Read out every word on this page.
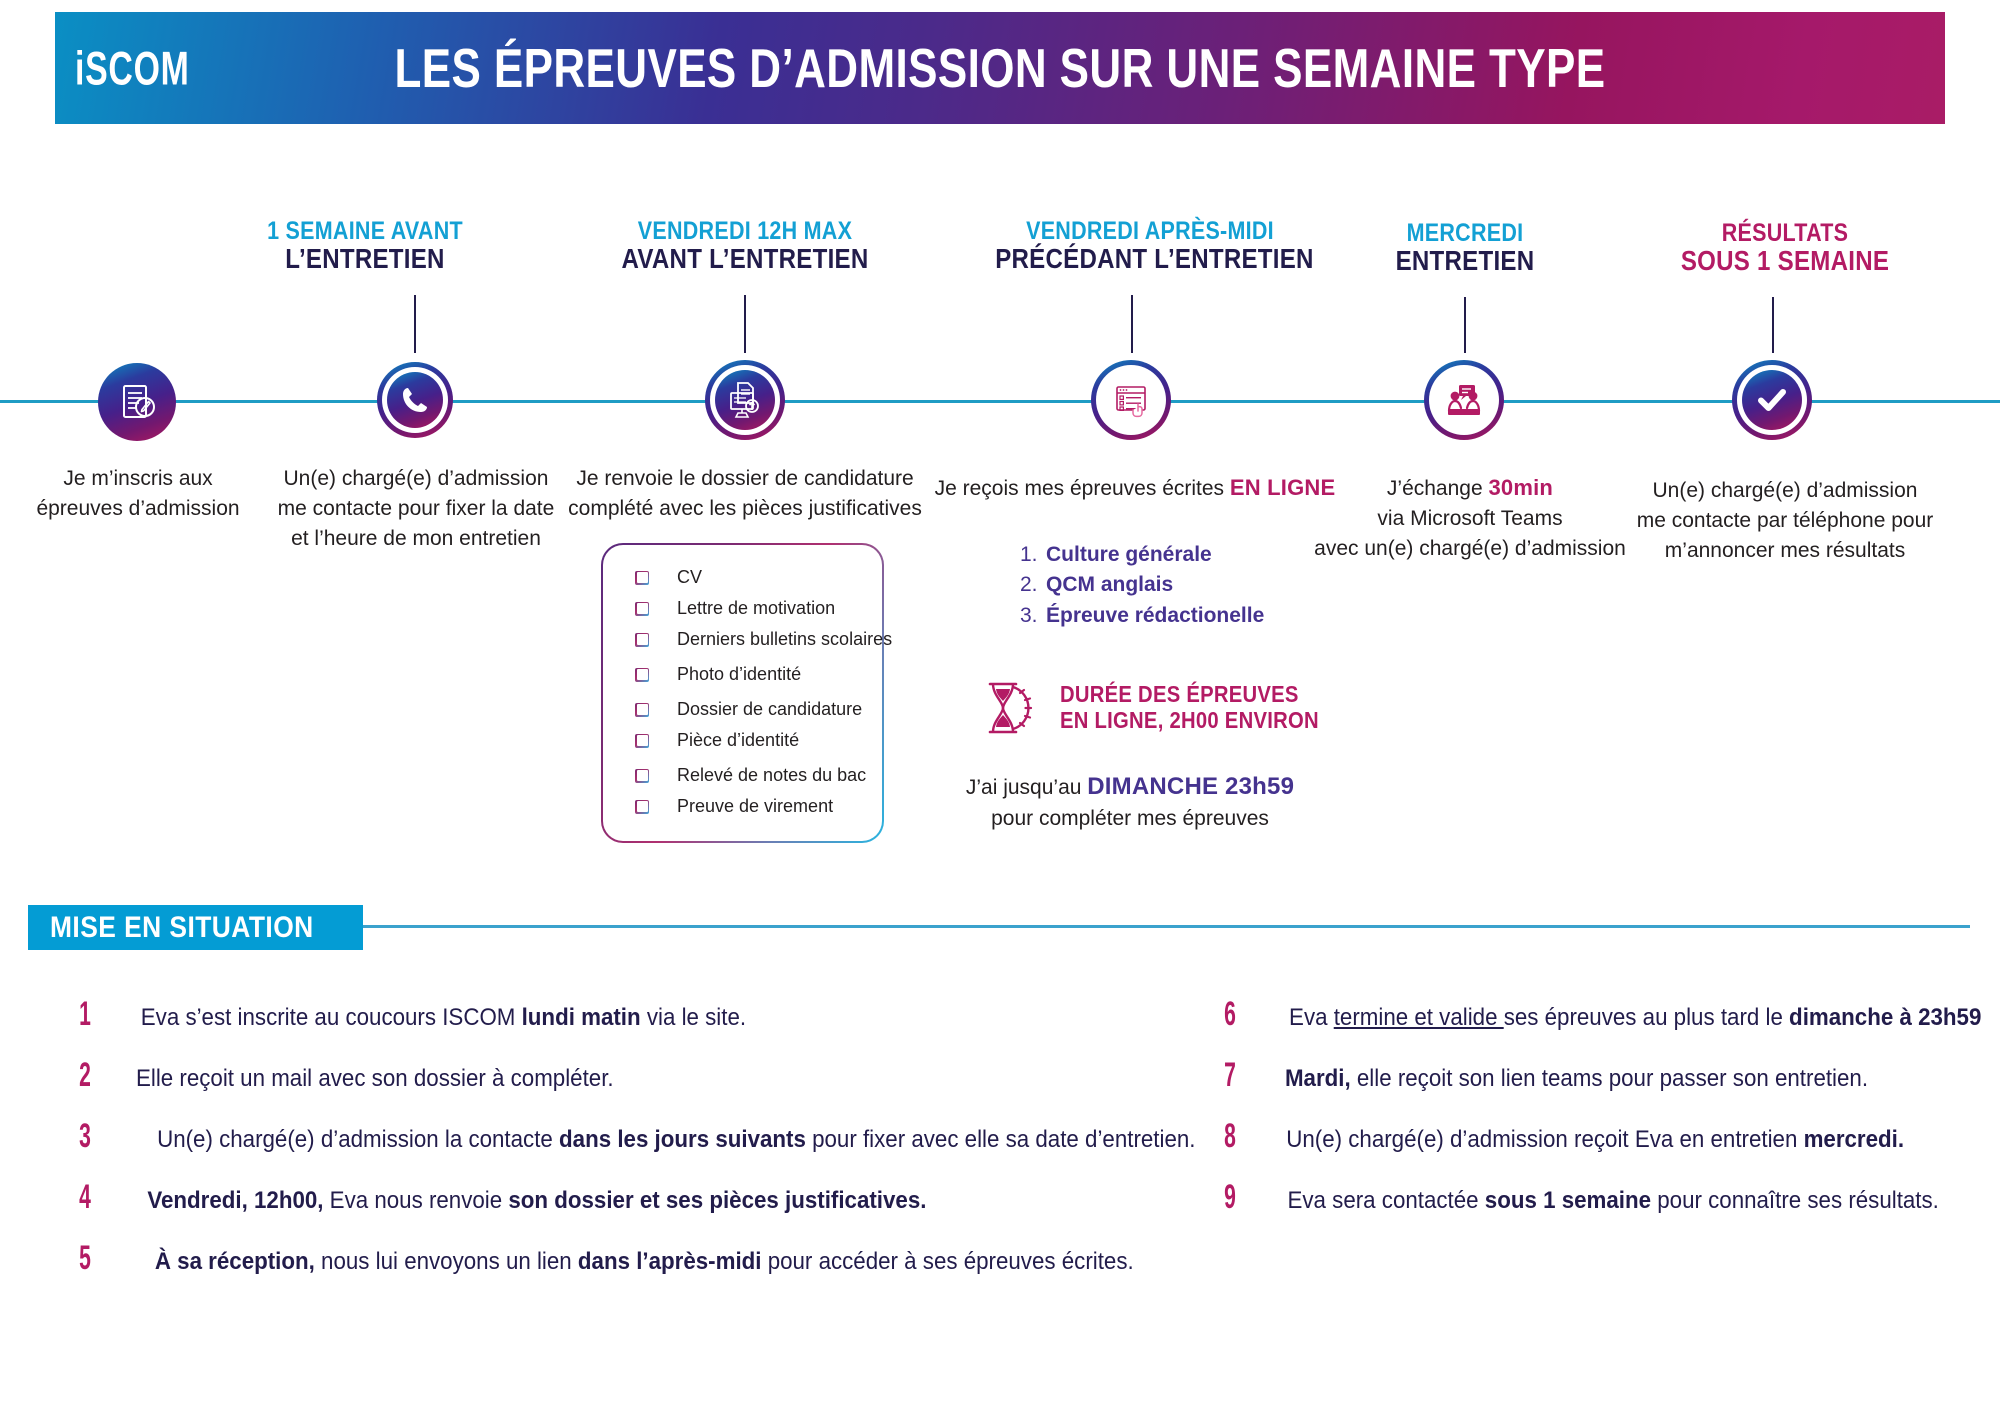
iSCOM	LES ÉPREUVES D’ADMISSION SUR UNE SEMAINE TYPE
Je m’inscris aux
épreuves d’admission
1 SEMAINE AVANT
L’ENTRETIEN
Un(e) chargé(e) d’admission
me contacte pour fixer la date
et l’heure de mon entretien
VENDREDI 12H MAX
AVANT L’ENTRETIEN
Je renvoie le dossier de candidature
complété avec les pièces justificatives
CV
Lettre de motivation
Derniers bulletins scolaires
Photo d’identité
Dossier de candidature
Pièce d’identité
Relevé de notes du bac
Preuve de virement
VENDREDI APRÈS-MIDI
PRÉCÉDANT L’ENTRETIEN
Je reçois mes épreuves écrites EN LIGNE
1. Culture générale
2. QCM anglais
3. Épreuve rédactionelle
DURÉE DES ÉPREUVES
EN LIGNE, 2H00 ENVIRON
J’ai jusqu’au DIMANCHE 23h59
pour compléter mes épreuves
MERCREDI
ENTRETIEN
J’échange 30min
via Microsoft Teams
avec un(e) chargé(e) d’admission
RÉSULTATS
SOUS 1 SEMAINE
Un(e) chargé(e) d’admission
me contacte par téléphone pour
m’annoncer mes résultats
MISE EN SITUATION
1	Eva s’est inscrite au coucours ISCOM lundi matin via le site.
2	Elle reçoit un mail avec son dossier à compléter.
3	Un(e) chargé(e) d’admission la contacte dans les jours suivants pour fixer avec elle sa date d’entretien.
4	Vendredi, 12h00, Eva nous renvoie son dossier et ses pièces justificatives.
5	À sa réception, nous lui envoyons un lien dans l’après-midi pour accéder à ses épreuves écrites.
6	Eva termine et valide ses épreuves au plus tard le dimanche à 23h59
7	Mardi, elle reçoit son lien teams pour passer son entretien.
8	Un(e) chargé(e) d’admission reçoit Eva en entretien mercredi.
9	Eva sera contactée sous 1 semaine pour connaître ses résultats.
